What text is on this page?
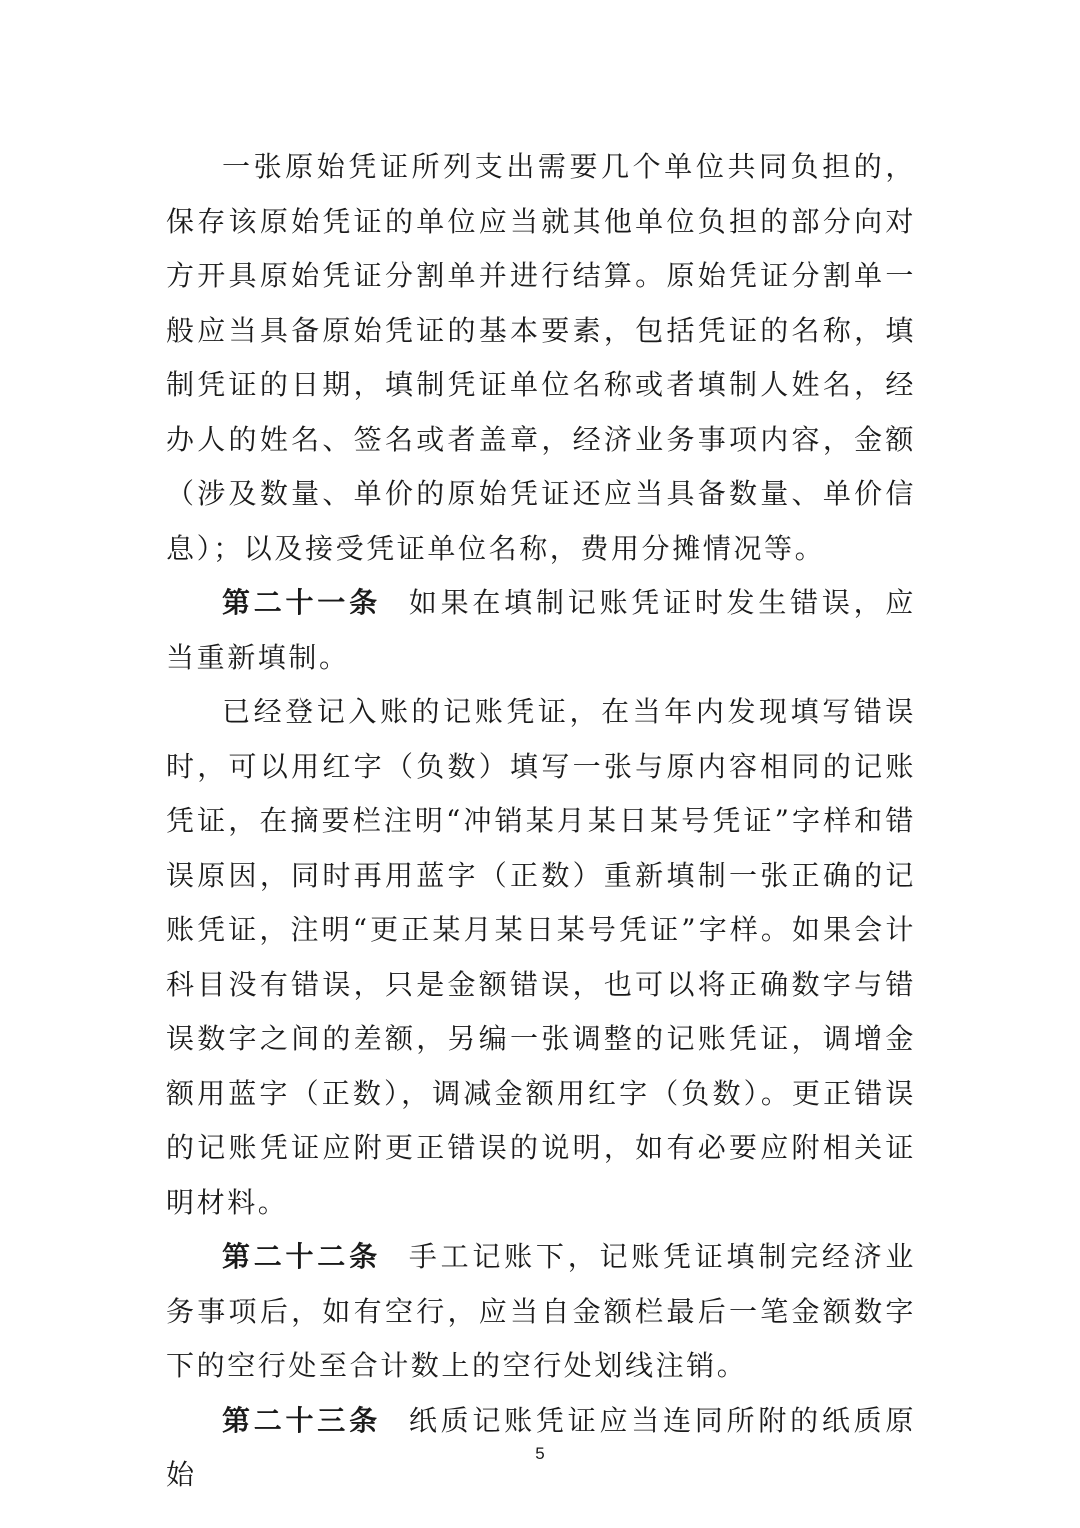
一张原始凭证所列支出需要几个单位共同负担的，保存该原始凭证的单位应当就其他单位负担的部分向对方开具原始凭证分割单并进行结算。原始凭证分割单一般应当具备原始凭证的基本要素，包括凭证的名称，填制凭证的日期，填制凭证单位名称或者填制人姓名，经办人的姓名、签名或者盖章，经济业务事项内容，金额（涉及数量、单价的原始凭证还应当具备数量、单价信息）；以及接受凭证单位名称，费用分摊情况等。

第二十一条 如果在填制记账凭证时发生错误，应当重新填制。

已经登记入账的记账凭证，在当年内发现填写错误时，可以用红字（负数）填写一张与原内容相同的记账凭证，在摘要栏注明“冲销某月某日某号凭证”字样和错误原因，同时再用蓝字（正数）重新填制一张正确的记账凭证，注明“更正某月某日某号凭证”字样。如果会计科目没有错误，只是金额错误，也可以将正确数字与错误数字之间的差额，另编一张调整的记账凭证，调增金额用蓝字（正数），调减金额用红字（负数）。更正错误的记账凭证应附更正错误的说明，如有必要应附相关证明材料。

第二十二条 手工记账下，记账凭证填制完经济业务事项后，如有空行，应当自金额栏最后一笔金额数字下的空行处至合计数上的空行处划线注销。

第二十三条 纸质记账凭证应当连同所附的纸质原始

5
